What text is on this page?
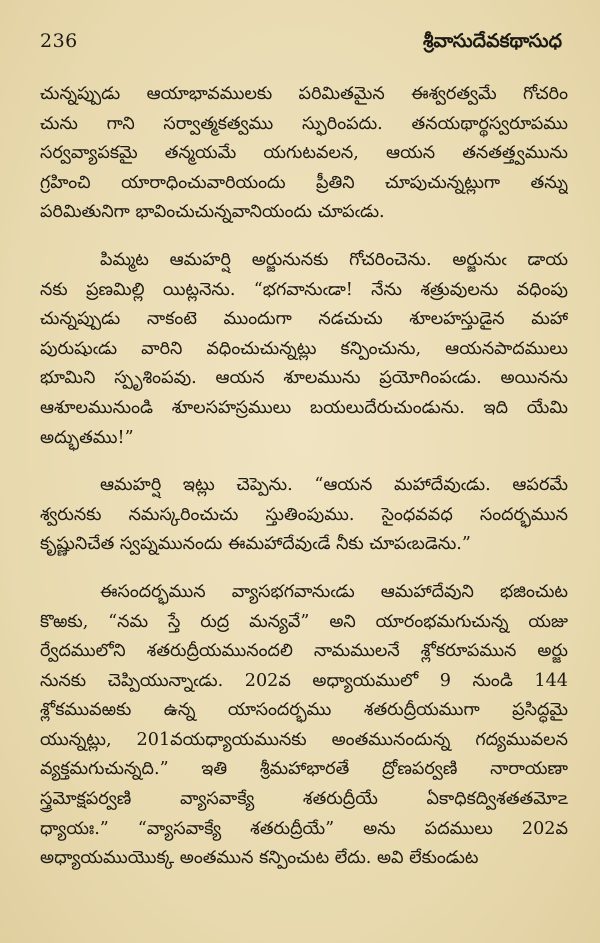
236	శ్రీవాసుదేవకథాసుధ
చున్నప్పుడు ఆయాభావములకు పరిమితమైన ఈశ్వరత్వమే గోచరిం
చును గాని సర్వాత్మకత్వము స్ఫురింపదు. తనయథార్థస్వరూపము
సర్వవ్యాపకమై తన్మయమే యగుటవలన, ఆయన తనతత్త్వమును
గ్రహించి యారాధించువారియందు ప్రీతిని చూపుచున్నట్లుగా తన్ను
పరిమితునిగా భావించుచున్నవానియందు చూపఁడు.
పిమ్మట ఆమహర్షి అర్జునునకు గోచరించెను. అర్జునుఁ డాయ
నకు ప్రణమిల్లి యిట్లనెను. “భగవానుఁడా! నేను శత్రువులను వధింపు
చున్నప్పుడు నాకంటె ముందుగా నడచుచు శూలహస్తుడైన మహా
పురుషుఁడు వారిని వధించుచున్నట్లు కన్పించును, ఆయనపాదములు
భూమిని స్పృశింపవు. ఆయన శూలమును ప్రయోగింపఁడు. అయినను
ఆశూలమునుండి శూలసహస్రములు బయలుదేరుచుండును. ఇది యేమి
అద్భుతము!”
ఆమహర్షి ఇట్లు చెప్పెను. “ఆయన మహాదేవుఁడు. ఆపరమే
శ్వరునకు నమస్కరించుచు స్తుతింపుము. సైంధవవధ సందర్భమున
కృష్ణునిచేత స్వప్నమునందు ఈమహాదేవుఁడే నీకు చూపఁబడెను.”
ఈసందర్భమున వ్యాసభగవానుఁడు ఆమహాదేవుని భజించుట
కొఱకు, “నమ స్తే రుద్ర మన్యవే” అని యారంభమగుచున్న యజు
ర్వేదములోని శతరుద్రీయమునందలి నామములనే శ్లోకరూపమున అర్జు
నునకు చెప్పియున్నాఁడు. 202వ అధ్యాయములో 9 నుండి 144
శ్లోకమువఱకు ఉన్న యాసందర్భము శతరుద్రీయముగా ప్రసిద్ధమై
యున్నట్లు, 201వయధ్యాయమునకు అంతమునందున్న గద్యమువలన
వ్యక్తమగుచున్నది.” ఇతి శ్రీమహాభారతే ద్రోణపర్వణి నారాయణా
స్త్రమోక్షపర్వణి వ్యాసవాక్యే శతరుద్రీయే ఏకాధికద్విశతతమో౽
ధ్యాయః.” “వ్యాసవాక్యే శతరుద్రీయే” అను పదములు 202వ
అధ్యాయముయొక్క అంతమున కన్పించుట లేదు. అవి లేకుండుట
